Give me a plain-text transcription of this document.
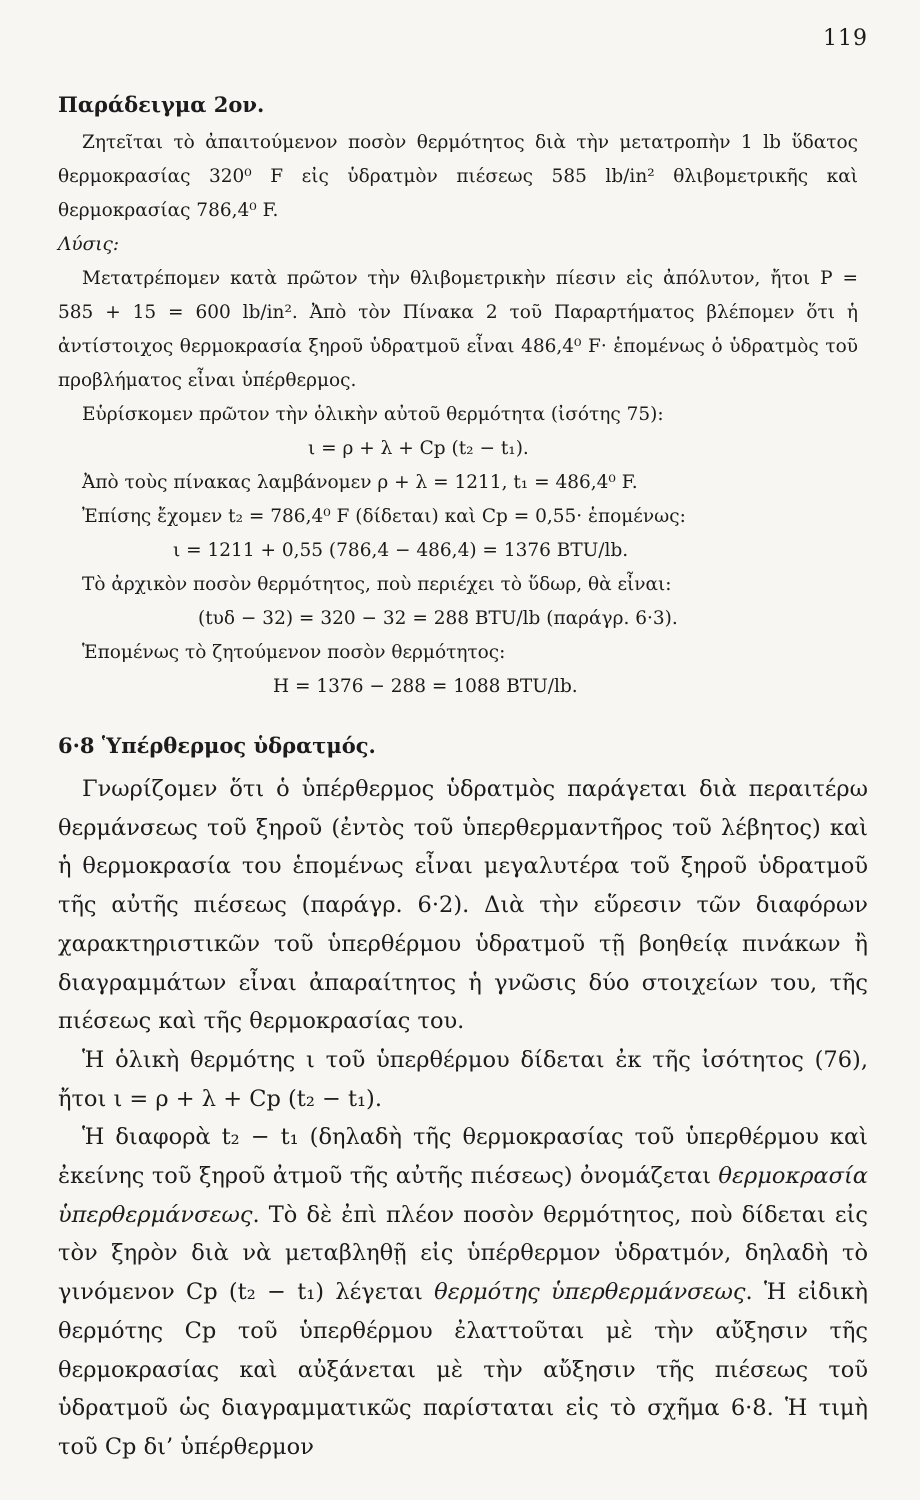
119
Παράδειγμα 2ον.

Ζητεῖται τὸ ἀπαιτούμενον ποσὸν θερμότητος διὰ τὴν μετατροπὴν 1 lb ὕδατος θερμοκρασίας 320⁰ F εἰς ὑδρατμὸν πιέσεως 585 lb/in² θλιβομετρικῆς καὶ θερμοκρασίας 786,4⁰ F.

Λύσις:

Μετατρέπομεν κατὰ πρῶτον τὴν θλιβομετρικὴν πίεσιν εἰς ἀπόλυτον, ἤτοι P = 585 + 15 = 600 lb/in². Ἀπὸ τὸν Πίνακα 2 τοῦ Παραρτήματος βλέπομεν ὅτι ἡ ἀντίστοιχος θερμοκρασία ξηροῦ ὑδρατμοῦ εἶναι 486,4⁰ F· ἑπομένως ὁ ὑδρατμὸς τοῦ προβλήματος εἶναι ὑπέρθερμος.

Εὑρίσκομεν πρῶτον τὴν ὁλικὴν αὐτοῦ θερμότητα (ἰσότης 75):

ι = ρ + λ + Cp (t₂ − t₁).

Ἀπὸ τοὺς πίνακας λαμβάνομεν ρ + λ = 1211, t₁ = 486,4⁰ F.

Ἐπίσης ἔχομεν t₂ = 786,4⁰ F (δίδεται) καὶ Cp = 0,55· ἑπομένως:

ι = 1211 + 0,55 (786,4 − 486,4) = 1376 BTU/lb.

Τὸ ἀρχικὸν ποσὸν θερμότητος, ποὺ περιέχει τὸ ὕδωρ, θὰ εἶναι:

(tυδ − 32) = 320 − 32 = 288 BTU/lb (παράγρ. 6·3).

Ἑπομένως τὸ ζητούμενον ποσὸν θερμότητος:

H = 1376 − 288 = 1088 BTU/lb.
6·8 Ὑπέρθερμος ὑδρατμός.

Γνωρίζομεν ὅτι ὁ ὑπέρθερμος ὑδρατμὸς παράγεται διὰ περαιτέρω θερμάνσεως τοῦ ξηροῦ (ἐντὸς τοῦ ὑπερθερμαντῆρος τοῦ λέβητος) καὶ ἡ θερμοκρασία του ἑπομένως εἶναι μεγαλυτέρα τοῦ ξηροῦ ὑδρατμοῦ τῆς αὐτῆς πιέσεως (παράγρ. 6·2). Διὰ τὴν εὕρεσιν τῶν διαφόρων χαρακτηριστικῶν τοῦ ὑπερθέρμου ὑδρατμοῦ τῇ βοηθείᾳ πινάκων ἢ διαγραμμάτων εἶναι ἀπαραίτητος ἡ γνῶσις δύο στοιχείων του, τῆς πιέσεως καὶ τῆς θερμοκρασίας του.

Ἡ ὁλικὴ θερμότης ι τοῦ ὑπερθέρμου δίδεται ἐκ τῆς ἰσότητος (76), ἤτοι ι = ρ + λ + Cp (t₂ − t₁).

Ἡ διαφορὰ t₂ − t₁ (δηλαδὴ τῆς θερμοκρασίας τοῦ ὑπερθέρμου καὶ ἐκείνης τοῦ ξηροῦ ἀτμοῦ τῆς αὐτῆς πιέσεως) ὀνομάζεται θερμοκρασία ὑπερθερμάνσεως. Τὸ δὲ ἐπὶ πλέον ποσὸν θερμότητος, ποὺ δίδεται εἰς τὸν ξηρὸν διὰ νὰ μεταβληθῇ εἰς ὑπέρθερμον ὑδρατμόν, δηλαδὴ τὸ γινόμενον Cp (t₂ − t₁) λέγεται θερμότης ὑπερθερμάνσεως. Ἡ εἰδικὴ θερμότης Cp τοῦ ὑπερθέρμου ἐλαττοῦται μὲ τὴν αὔξησιν τῆς θερμοκρασίας καὶ αὐξάνεται μὲ τὴν αὔξησιν τῆς πιέσεως τοῦ ὑδρατμοῦ ὡς διαγραμματικῶς παρίσταται εἰς τὸ σχῆμα 6·8. Ἡ τιμὴ τοῦ Cp δι’ ὑπέρθερμον
